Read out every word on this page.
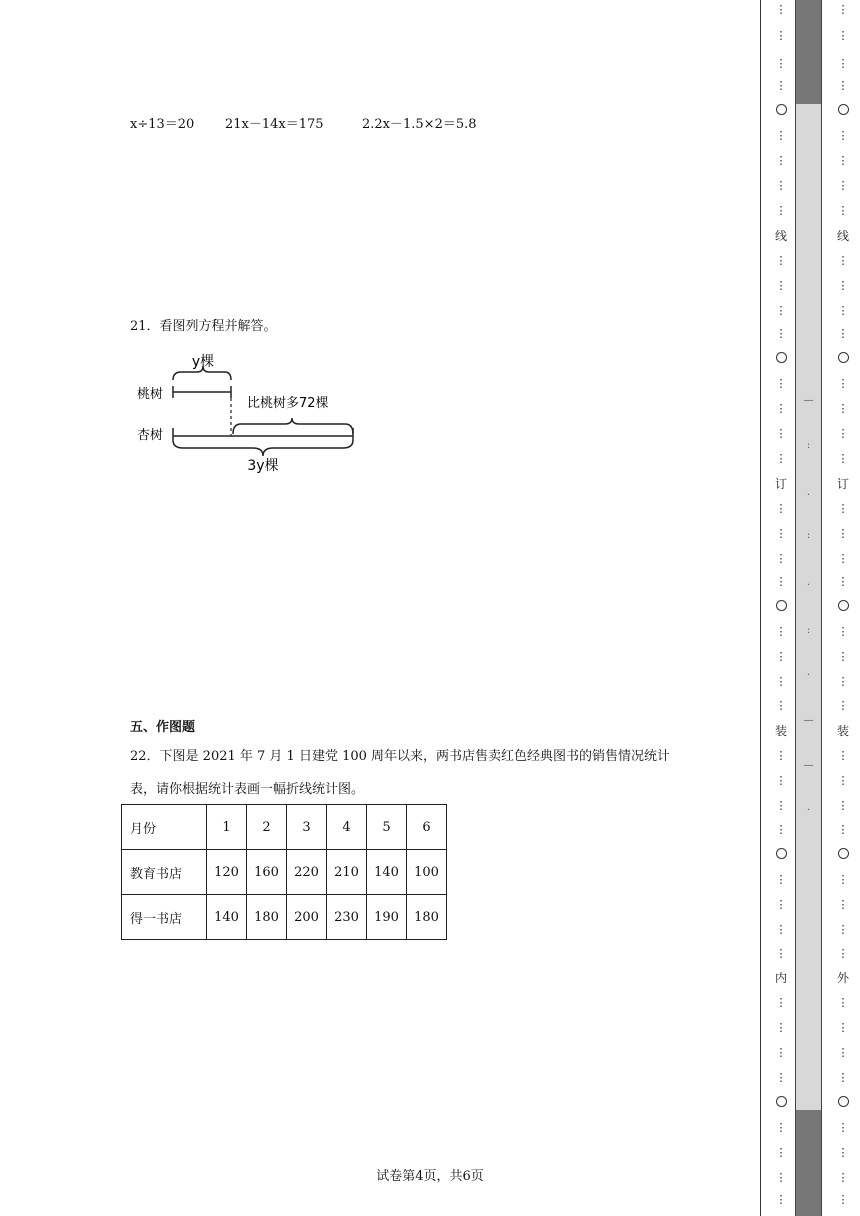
x÷13＝20 21x－14x＝175	2.2x－1.5×2＝5.8
21．看图列方程并解答。
y棵
桃树
比桃树多72棵
杏树
3y棵
五、作图题
22．下图是 2021 年 7 月 1 日建党 100 周年以来，两书店售卖红色经典图书的销售情况统计
表，请你根据统计表画一幅折线统计图。
月份	1	2	3	4	5	6
教育书店	120	160	220	210	140	100
得一书店	140	180	200	230	190	180
试卷第4页，共6页
—
:
·
:
·
:
·
—
—
·
⋮
⋮
⋮
⋮
⋮
⋮
⋮
⋮
线
⋮
⋮
⋮
⋮
⋮
⋮
⋮
⋮
订
⋮
⋮
⋮
⋮
⋮
⋮
⋮
⋮
装
⋮
⋮
⋮
⋮
⋮
⋮
⋮
⋮
内
⋮
⋮
⋮
⋮
⋮
⋮
⋮
⋮
⋮
⋮
⋮
⋮
⋮
⋮
⋮
⋮
线
⋮
⋮
⋮
⋮
⋮
⋮
⋮
⋮
订
⋮
⋮
⋮
⋮
⋮
⋮
⋮
⋮
装
⋮
⋮
⋮
⋮
⋮
⋮
⋮
⋮
外
⋮
⋮
⋮
⋮
⋮
⋮
⋮
⋮
